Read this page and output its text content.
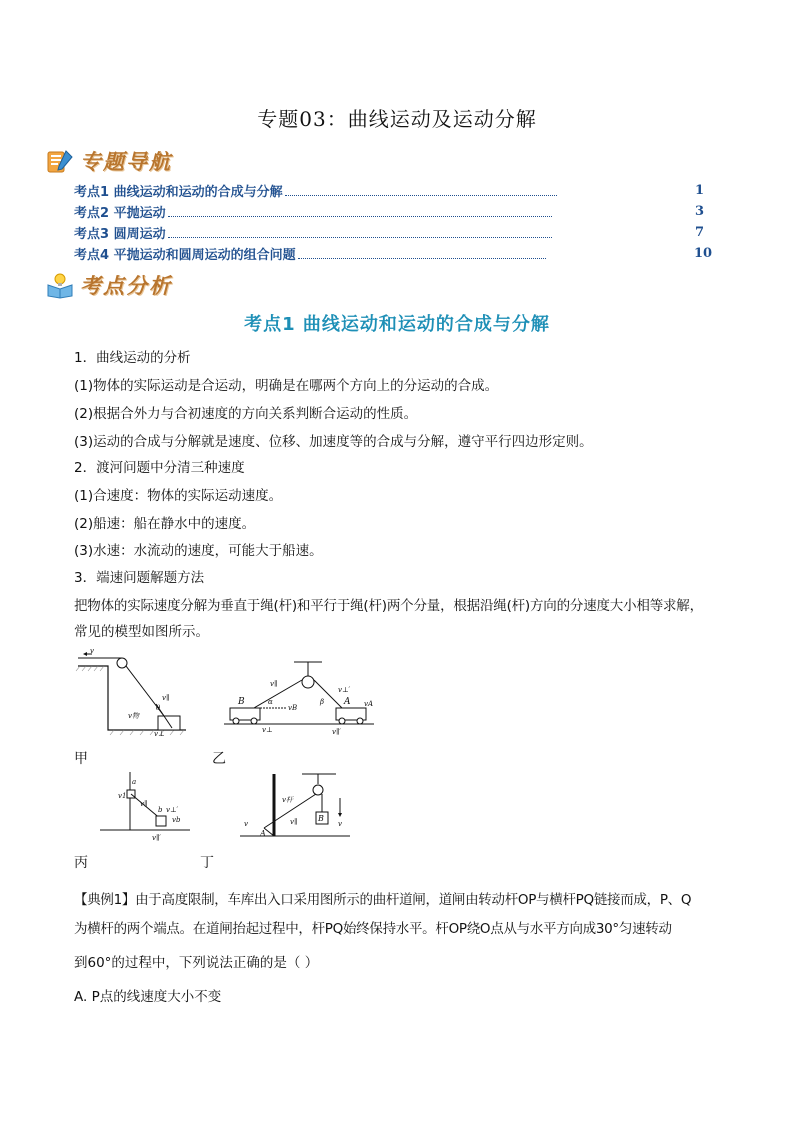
专题03：曲线运动及运动分解
专题导航
考点1 曲线运动和运动的合成与分解	1
考点2 平抛运动	3
考点3 圆周运动	7
考点4 平抛运动和圆周运动的组合问题	10
考点分析
考点1 曲线运动和运动的合成与分解
1．曲线运动的分析
(1)物体的实际运动是合运动，明确是在哪两个方向上的分运动的合成。
(2)根据合外力与合初速度的方向关系判断合运动的性质。
(3)运动的合成与分解就是速度、位移、加速度等的合成与分解，遵守平行四边形定则。
2．渡河问题中分清三种速度
(1)合速度：物体的实际运动速度。
(2)船速：船在静水中的速度。
(3)水速：水流动的速度，可能大于船速。
3．端速问题解题方法
把物体的实际速度分解为垂直于绳(杆)和平行于绳(杆)两个分量，根据沿绳(杆)方向的分速度大小相等求解，
常见的模型如图所示。
v
v∥
v物
θ
v⊥
B	A
α	β
vB	vA
v∥
v⊥
v⊥′
v∥′
甲	乙
a
b
v1
vb
v⊥′
v∥′
v∥
B
A
v杆
v	v∥	v
丙	丁
【典例1】由于高度限制，车库出入口采用图所示的曲杆道闸，道闸由转动杆OP与横杆PQ链接而成，P、Q
为横杆的两个端点。在道闸抬起过程中，杆PQ始终保持水平。杆OP绕O点从与水平方向成30°匀速转动
到60°的过程中，下列说法正确的是（ ）
A. P点的线速度大小不变
